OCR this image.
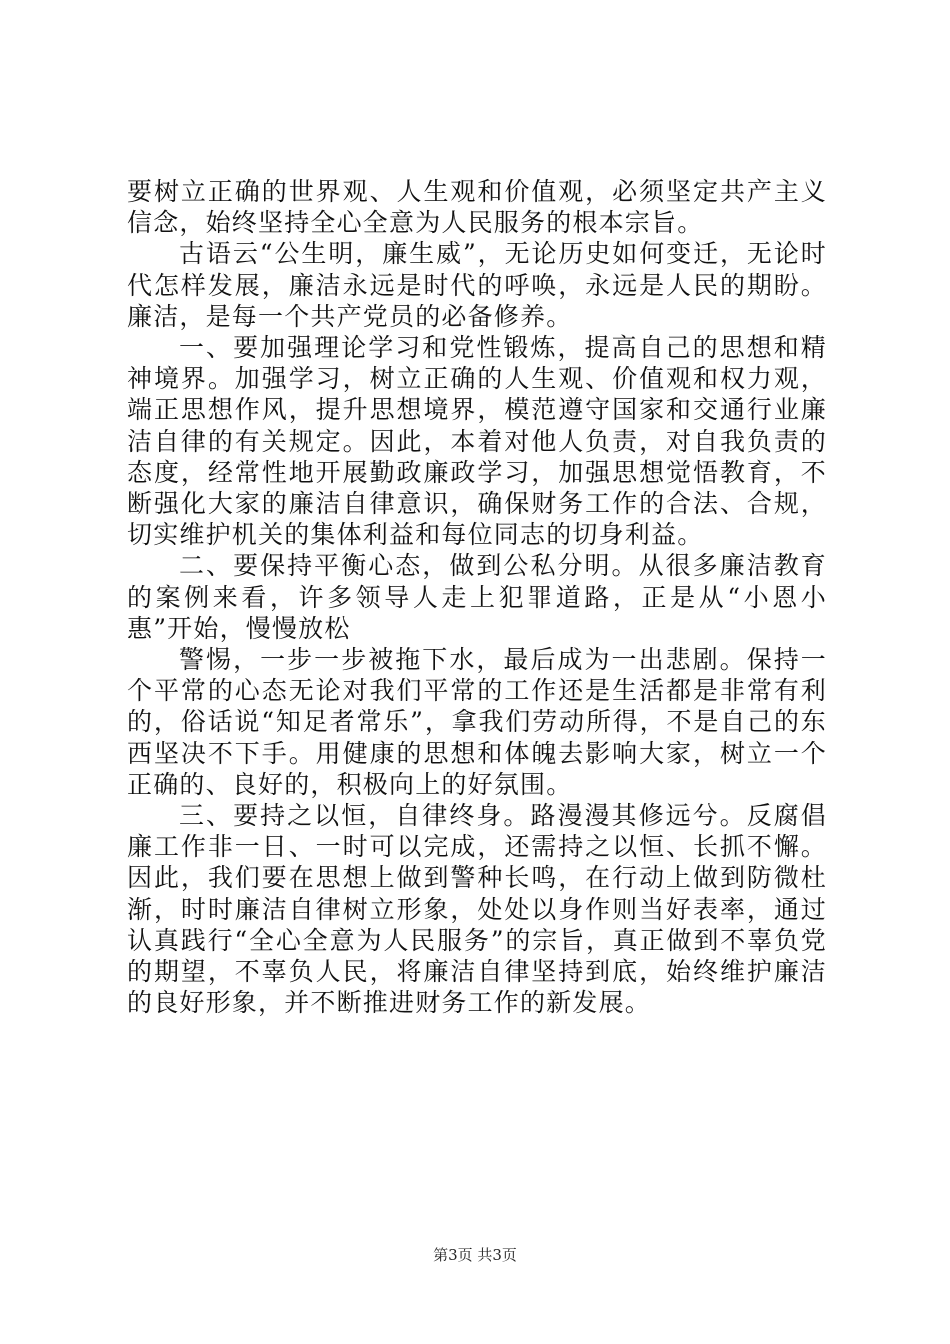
要树立正确的世界观、人生观和价值观，必须坚定共产主义信念，始终坚持全心全意为人民服务的根本宗旨。

古语云“公生明，廉生威”，无论历史如何变迁，无论时代怎样发展，廉洁永远是时代的呼唤，永远是人民的期盼。廉洁，是每一个共产党员的必备修养。

一、要加强理论学习和党性锻炼，提高自己的思想和精神境界。加强学习，树立正确的人生观、价值观和权力观，端正思想作风，提升思想境界，模范遵守国家和交通行业廉洁自律的有关规定。因此，本着对他人负责，对自我负责的态度，经常性地开展勤政廉政学习，加强思想觉悟教育，不断强化大家的廉洁自律意识，确保财务工作的合法、合规，切实维护机关的集体利益和每位同志的切身利益。

二、要保持平衡心态，做到公私分明。从很多廉洁教育的案例来看，许多领导人走上犯罪道路，正是从“小恩小惠”开始，慢慢放松

警惕，一步一步被拖下水，最后成为一出悲剧。保持一个平常的心态无论对我们平常的工作还是生活都是非常有利的，俗话说“知足者常乐”，拿我们劳动所得，不是自己的东西坚决不下手。用健康的思想和体魄去影响大家，树立一个正确的、良好的，积极向上的好氛围。

三、要持之以恒，自律终身。路漫漫其修远兮。反腐倡廉工作非一日、一时可以完成，还需持之以恒、长抓不懈。因此，我们要在思想上做到警种长鸣，在行动上做到防微杜渐，时时廉洁自律树立形象，处处以身作则当好表率，通过认真践行“全心全意为人民服务”的宗旨，真正做到不辜负党的期望，不辜负人民，将廉洁自律坚持到底，始终维护廉洁的良好形象，并不断推进财务工作的新发展。

第3页 共3页
